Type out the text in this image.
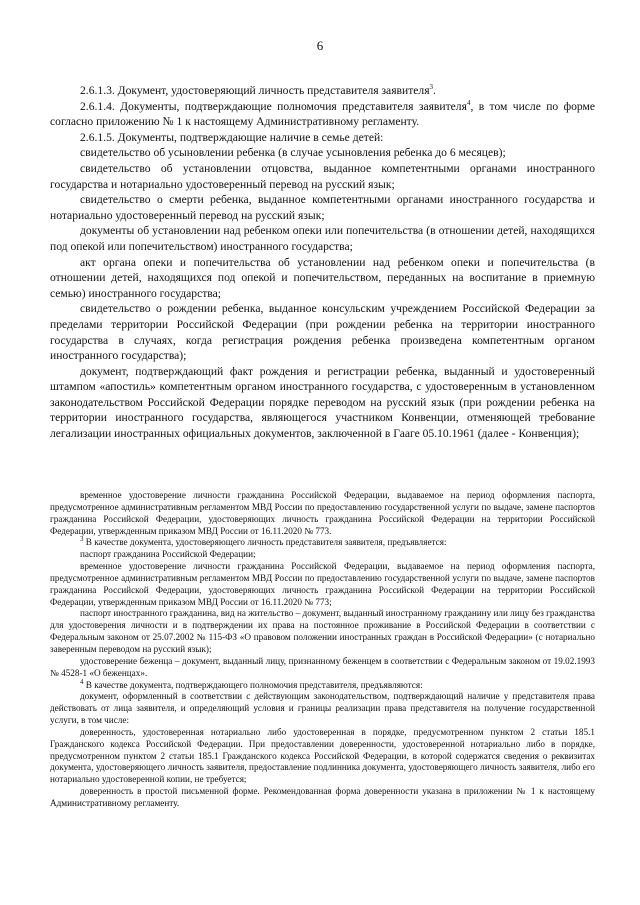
6

2.6.1.3. Документ, удостоверяющий личность представителя заявителя$^3$.

2.6.1.4. Документы, подтверждающие полномочия представителя заявителя$^4$, в том числе по форме согласно приложению № 1 к настоящему Административному регламенту.

2.6.1.5. Документы, подтверждающие наличие в семье детей:

свидетельство об усыновлении ребенка (в случае усыновления ребенка до 6 месяцев);

свидетельство об установлении отцовства, выданное компетентными органами иностранного государства и нотариально удостоверенный перевод на русский язык;

свидетельство о смерти ребенка, выданное компетентными органами иностранного государства и нотариально удостоверенный перевод на русский язык;

документы об установлении над ребенком опеки или попечительства (в отношении детей, находящихся под опекой или попечительством) иностранного государства;

акт органа опеки и попечительства об установлении над ребенком опеки и попечительства (в отношении детей, находящихся под опекой и попечительством, переданных на воспитание в приемную семью) иностранного государства;

свидетельство о рождении ребенка, выданное консульским учреждением Российской Федерации за пределами территории Российской Федерации (при рождении ребенка на территории иностранного государства в случаях, когда регистрация рождения ребенка произведена компетентным органом иностранного государства);

документ, подтверждающий факт рождения и регистрации ребенка, выданный и удостоверенный штампом «апостиль» компетентным органом иностранного государства, с удостоверенным в установленном законодательством Российской Федерации порядке переводом на русский язык (при рождении ребенка на территории иностранного государства, являющегося участником Конвенции, отменяющей требование легализации иностранных официальных документов, заключенной в Гааге 05.10.1961 (далее - Конвенция);

временное удостоверение личности гражданина Российской Федерации, выдаваемое на период оформления паспорта, предусмотренное административным регламентом МВД России по предоставлению государственной услуги по выдаче, замене паспортов гражданина Российской Федерации, удостоверяющих личность гражданина Российской Федерации на территории Российской Федерации, утвержденным приказом МВД России от 16.11.2020 № 773.

$^3$ В качестве документа, удостоверяющего личность представителя заявителя, предъявляется:

паспорт гражданина Российской Федерации;

временное удостоверение личности гражданина Российской Федерации, выдаваемое на период оформления паспорта, предусмотренное административным регламентом МВД России по предоставлению государственной услуги по выдаче, замене паспортов гражданина Российской Федерации, удостоверяющих личность гражданина Российской Федерации на территории Российской Федерации, утвержденным приказом МВД России от 16.11.2020 № 773;

паспорт иностранного гражданина, вид на жительство – документ, выданный иностранному гражданину или лицу без гражданства для удостоверения личности и в подтверждении их права на постоянное проживание в Российской Федерации в соответствии с Федеральным законом от 25.07.2002 № 115-ФЗ «О правовом положении иностранных граждан в Российской Федерации» (с нотариально заверенным переводом на русский язык);

удостоверение беженца – документ, выданный лицу, признанному беженцем в соответствии с Федеральным законом от 19.02.1993 № 4528-1 «О беженцах».

$^4$ В качестве документа, подтверждающего полномочия представителя, предъявляются:

документ, оформленный в соответствии с действующим законодательством, подтверждающий наличие у представителя права действовать от лица заявителя, и определяющий условия и границы реализации права представителя на получение государственной услуги, в том числе:

доверенность, удостоверенная нотариально либо удостоверенная в порядке, предусмотренном пунктом 2 статьи 185.1 Гражданского кодекса Российской Федерации. При предоставлении доверенности, удостоверенной нотариально либо в порядке, предусмотренном пунктом 2 статьи 185.1 Гражданского кодекса Российской Федерации, в которой содержатся сведения о реквизитах документа, удостоверяющего личность заявителя, предоставление подлинника документа, удостоверяющего личность заявителя, либо его нотариально удостоверенной копии, не требуется;

доверенность в простой письменной форме. Рекомендованная форма доверенности указана в приложении № 1 к настоящему Административному регламенту.
